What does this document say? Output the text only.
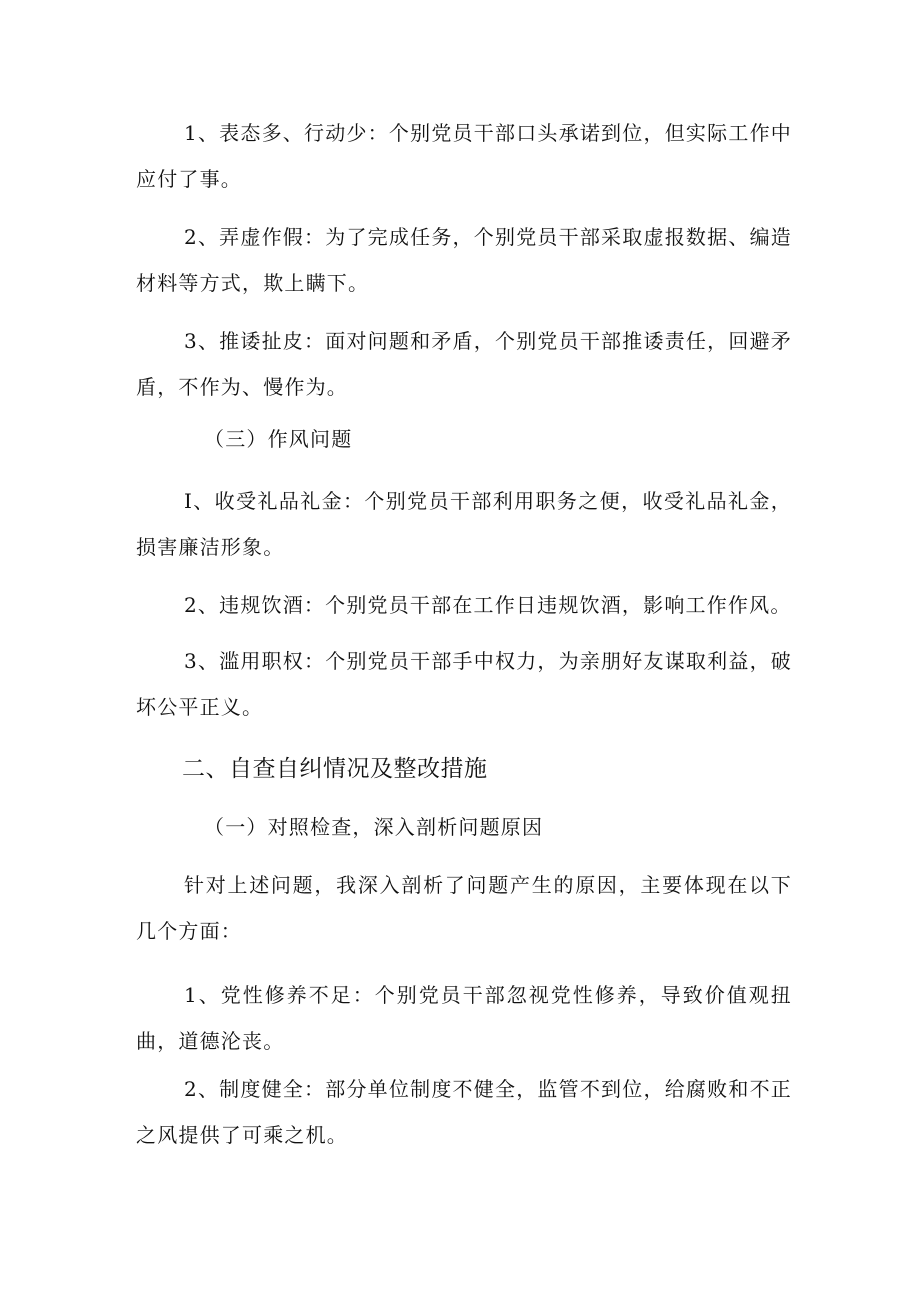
1、表态多、行动少：个别党员干部口头承诺到位，但实际工作中应付了事。

2、弄虚作假：为了完成任务，个别党员干部采取虚报数据、编造材料等方式，欺上瞒下。

3、推诿扯皮：面对问题和矛盾，个别党员干部推诿责任，回避矛盾，不作为、慢作为。

（三）作风问题

I、收受礼品礼金：个别党员干部利用职务之便，收受礼品礼金，损害廉洁形象。

2、违规饮酒：个别党员干部在工作日违规饮酒，影响工作作风。

3、滥用职权：个别党员干部手中权力，为亲朋好友谋取利益，破坏公平正义。

二、自查自纠情况及整改措施

（一）对照检查，深入剖析问题原因

针对上述问题，我深入剖析了问题产生的原因，主要体现在以下几个方面：

1、党性修养不足：个别党员干部忽视党性修养，导致价值观扭曲，道德沦丧。

2、制度健全：部分单位制度不健全，监管不到位，给腐败和不正之风提供了可乘之机。
